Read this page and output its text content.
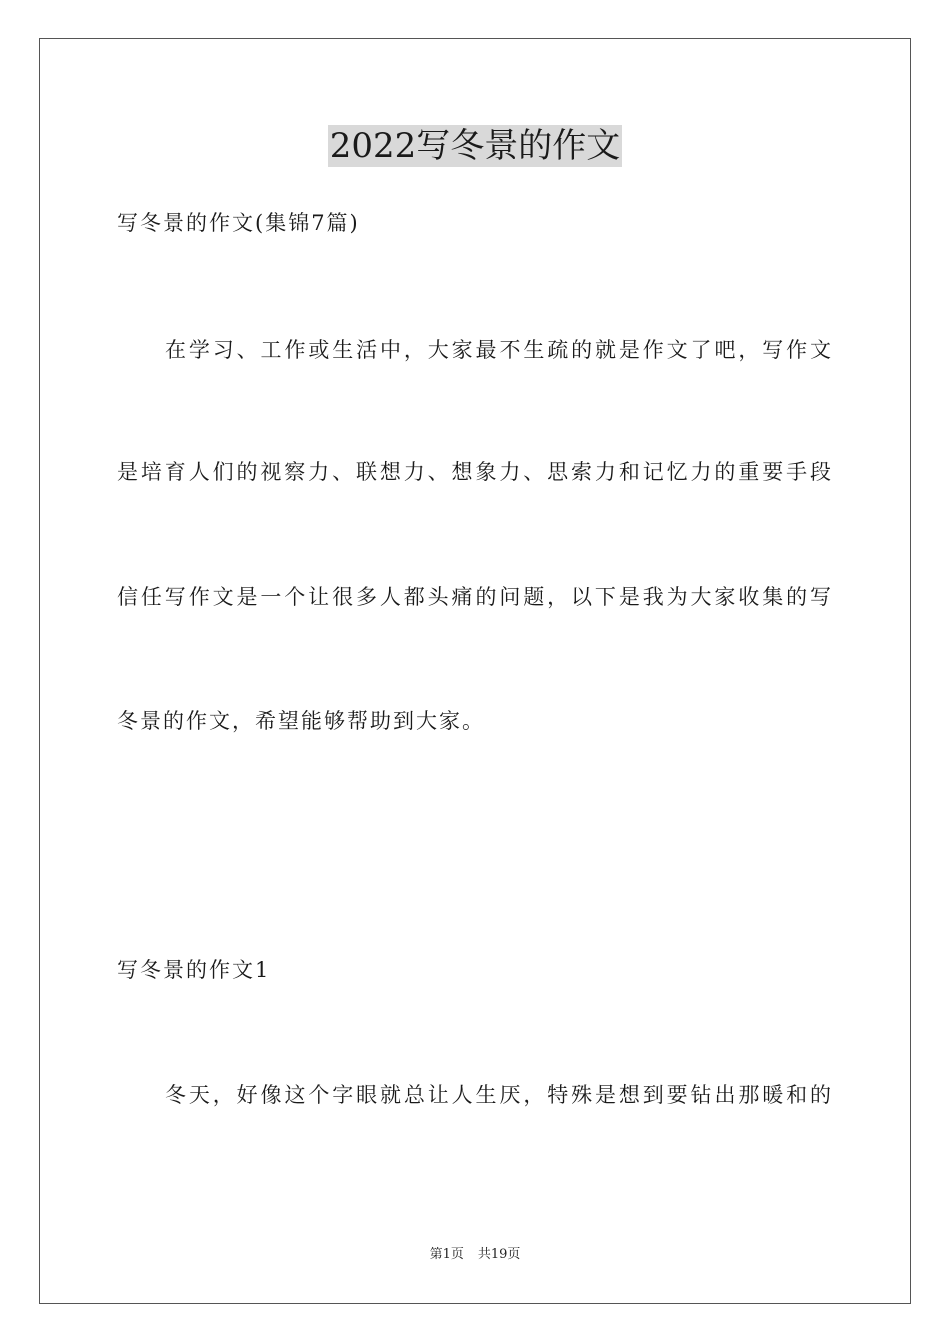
2022写冬景的作文
写冬景的作文(集锦7篇)
在学习、工作或生活中，大家最不生疏的就是作文了吧，写作文
是培育人们的视察力、联想力、想象力、思索力和记忆力的重要手段
信任写作文是一个让很多人都头痛的问题，以下是我为大家收集的写
冬景的作文，希望能够帮助到大家。
写冬景的作文1
冬天，好像这个字眼就总让人生厌，特殊是想到要钻出那暖和的
第1页 共19页
